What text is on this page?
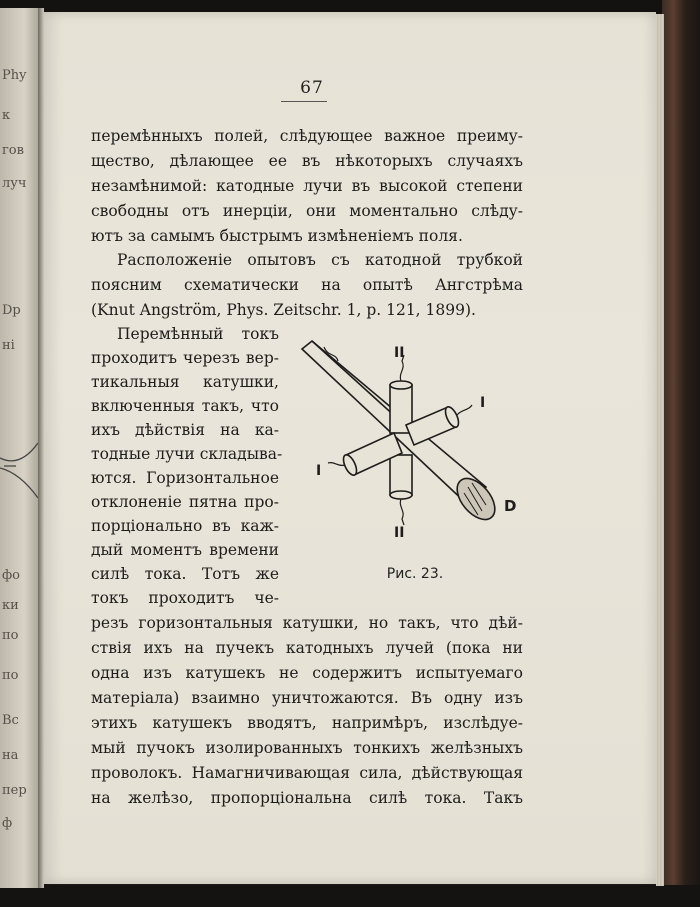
Phy
к
гов
луч
Dp
нi
фо
ки
по
по
Вс
на
пер
ф
67
перемѣнныхъ полей, слѣдующее важное преиму-
щество, дѣлающее ее въ нѣкоторыхъ случаяхъ
незамѣнимой: катодные лучи въ высокой степени
свободны отъ инерцiи, они моментально слѣду-
ютъ за самымъ быстрымъ измѣненiемъ поля.
Расположенiе опытовъ съ катодной трубкой
поясним схематически на опытѣ Ангстрѣма
(Knut Angström, Phys. Zeitschr. 1, p. 121, 1899).
Перемѣнный токъ
проходитъ черезъ вер-
тикальныя катушки,
включенныя такъ, что
ихъ дѣйствiя на ка-
тодные лучи складыва-
ются. Горизонтальное
отклоненiе пятна про-
порцiонально въ каж-
дый моментъ времени
силѣ тока. Тотъ же
токъ проходитъ че-
резъ горизонтальныя катушки, но такъ, что дѣй-
ствiя ихъ на пучекъ катодныхъ лучей (пока ни
одна изъ катушекъ не содержитъ испытуемаго
матерiала) взаимно уничтожаются. Въ одну изъ
этихъ катушекъ вводятъ, напримѣръ, изслѣдуе-
мый пучокъ изолированныхъ тонкихъ желѣзныхъ
проволокъ. Намагничивающая сила, дѣйствующая
на желѣзо, пропорцiональна силѣ тока. Такъ
II
II
I
I
D
Рис. 23.
